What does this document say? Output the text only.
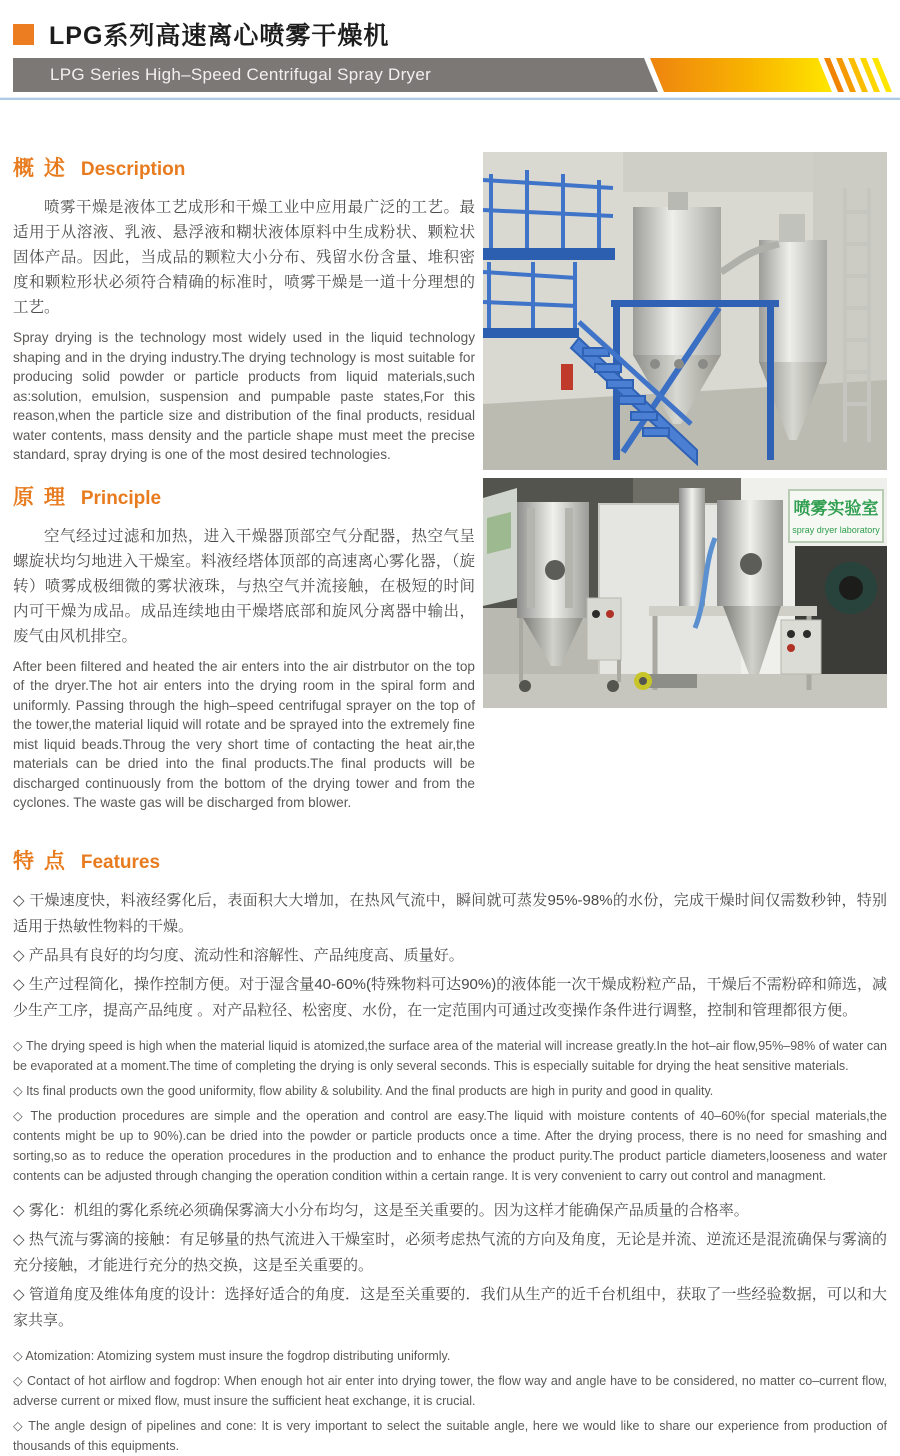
LPG系列高速离心喷雾干燥机
LPG Series High–Speed Centrifugal Spray Dryer
概 述 Description

喷雾干燥是液体工艺成形和干燥工业中应用最广泛的工艺。最适用于从溶液、乳液、悬浮液和糊状液体原料中生成粉状、颗粒状固体产品。因此，当成品的颗粒大小分布、残留水份含量、堆积密度和颗粒形状必须符合精确的标准时，喷雾干燥是一道十分理想的工艺。

Spray drying is the technology most widely used in the liquid technology shaping and in the drying industry.The drying technology is most suitable for producing solid powder or particle products from liquid materials,such as:solution, emulsion, suspension and pumpable paste states,For this reason,when the particle size and distribution of the final products, residual water contents, mass density and the particle shape must meet the precise standard, spray drying is one of the most desired technologies.

原 理 Principle

空气经过过滤和加热，进入干燥器顶部空气分配器，热空气呈螺旋状均匀地进入干燥室。料液经塔体顶部的高速离心雾化器，（旋转）喷雾成极细微的雾状液珠，与热空气并流接触，在极短的时间内可干燥为成品。成品连续地由干燥塔底部和旋风分离器中输出，废气由风机排空。

After been filtered and heated the air enters into the air distrbutor on the top of the dryer.The hot air enters into the drying room in the spiral form and uniformly. Passing through the high–speed centrifugal sprayer on the top of the tower,the material liquid will rotate and be sprayed into the extremely fine mist liquid beads.Throug the very short time of contacting the heat air,the materials can be dried into the final products.The final products will be discharged continuously from the bottom of the drying tower and from the cyclones. The waste gas will be discharged from blower.

喷雾实验室
spray dryer laboratory
特 点 Features
◇ 干燥速度快，料液经雾化后，表面积大大增加，在热风气流中，瞬间就可蒸发95%-98%的水份，完成干燥时间仅需数秒钟，特别适用于热敏性物料的干燥。
◇ 产品具有良好的均匀度、流动性和溶解性、产品纯度高、质量好。
◇ 生产过程简化，操作控制方便。对于湿含量40-60%(特殊物料可达90%)的液体能一次干燥成粉粒产品，干燥后不需粉碎和筛选，减少生产工序，提高产品纯度 。对产品粒径、松密度、水份，在一定范围内可通过改变操作条件进行调整，控制和管理都很方便。
◇ The drying speed is high when the material liquid is atomized,the surface area of the material will increase greatly.In the hot–air flow,95%–98% of water can be evaporated at a moment.The time of completing the drying is only several seconds. This is especially suitable for drying the heat sensitive materials.
◇ Its final products own the good uniformity, flow ability & solubility. And the final products are high in purity and good in quality.
◇ The production procedures are simple and the operation and control are easy.The liquid with moisture contents of 40–60%(for special materials,the contents might be up to 90%).can be dried into the powder or particle products once a time. After the drying process, there is no need for smashing and sorting,so as to reduce the operation procedures in the production and to enhance the product purity.The product particle diameters,looseness and water contents can be adjusted through changing the operation condition within a certain range. It is very convenient to carry out control and managment.
◇ 雾化：机组的雾化系统必须确保雾滴大小分布均匀，这是至关重要的。因为这样才能确保产品质量的合格率。
◇ 热气流与雾滴的接触：有足够量的热气流进入干燥室时，必须考虑热气流的方向及角度，无论是并流、逆流还是混流确保与雾滴的充分接触，才能进行充分的热交换，这是至关重要的。
◇ 管道角度及维体角度的设计：选择好适合的角度．这是至关重要的．我们从生产的近千台机组中，获取了一些经验数据，可以和大家共享。
◇ Atomization: Atomizing system must insure the fogdrop distributing uniformly.
◇ Contact of hot airflow and fogdrop: When enough hot air enter into drying tower, the flow way and angle have to be considered, no matter co–current flow, adverse current or mixed flow, must insure the sufficient heat exchange, it is crucial.
◇ The angle design of pipelines and cone: It is very important to select the suitable angle, here we would like to share our experience from production of thousands of this equipments.
